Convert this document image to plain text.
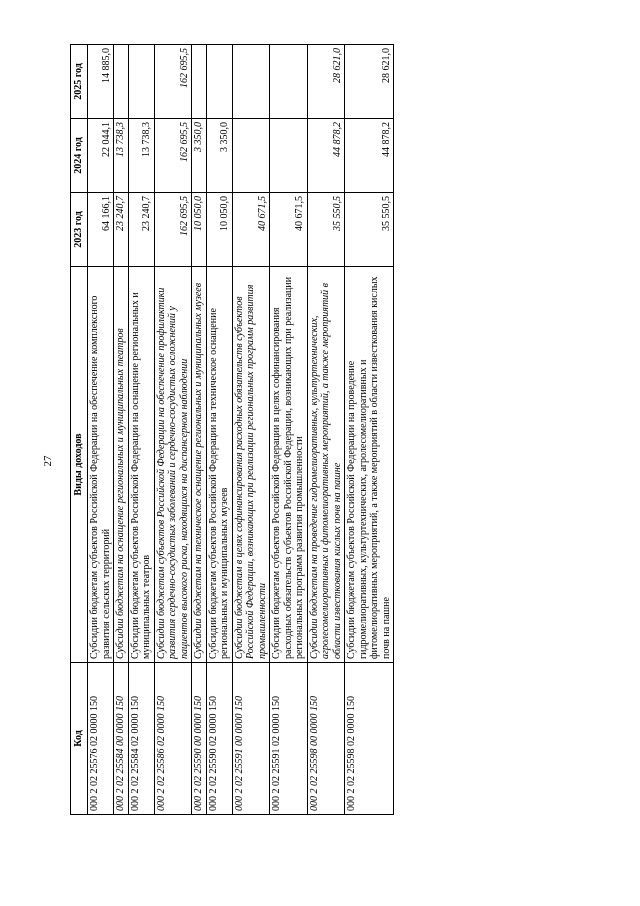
27
Код	Виды доходов	2023 год	2024 год	2025 год
000 2 02 25576 02 0000 150	Субсидии бюджетам субъектов Российской Федерации на обеспечение комплексного развития сельских территорий	64 166,1	22 044,1	14 885,0
000 2 02 25584 00 0000 150	Субсидии бюджетам на оснащение региональных и муниципальных театров	23 240,7	13 738,3	
000 2 02 25584 02 0000 150	Субсидии бюджетам субъектов Российской Федерации на оснащение региональных и муниципальных театров	23 240,7	13 738,3	
000 2 02 25586 02 0000 150	Субсидии бюджетам субъектов Российской Федерации на обеспечение профилактики развития сердечно-сосудистых заболеваний и сердечно-сосудистых осложнений у пациентов высокого риска, находящихся на диспансерном наблюдении	162 695,5	162 695,5	162 695,5
000 2 02 25590 00 0000 150	Субсидии бюджетам на техническое оснащение региональных и муниципальных музеев	10 050,0	3 350,0	
000 2 02 25590 02 0000 150	Субсидии бюджетам субъектов Российской Федерации на техническое оснащение региональных и муниципальных музеев	10 050,0	3 350,0	
000 2 02 25591 00 0000 150	Субсидии бюджетам в целях софинансирования расходных обязательств субъектов Российской Федерации, возникающих при реализации региональных программ развития промышленности	40 671,5		
000 2 02 25591 02 0000 150	Субсидии бюджетам субъектов Российской Федерации в целях софинансирования расходных обязательств субъектов Российской Федерации, возникающих при реализации региональных программ развития промышленности	40 671,5		
000 2 02 25598 00 0000 150	Субсидии бюджетам на проведение гидромелиоративных, культуртехнических, агролесомелиоративных и фитомелиоративных мероприятий, а также мероприятий в области известкования кислых почв на пашне	35 550,5	44 878,2	28 621,0
000 2 02 25598 02 0000 150	Субсидии бюджетам субъектов Российской Федерации на проведение гидромелиоративных, культуртехнических, агролесомелиоративных и фитомелиоративных мероприятий, а также мероприятий в области известкования кислых почв на пашне	35 550,5	44 878,2	28 621,0
